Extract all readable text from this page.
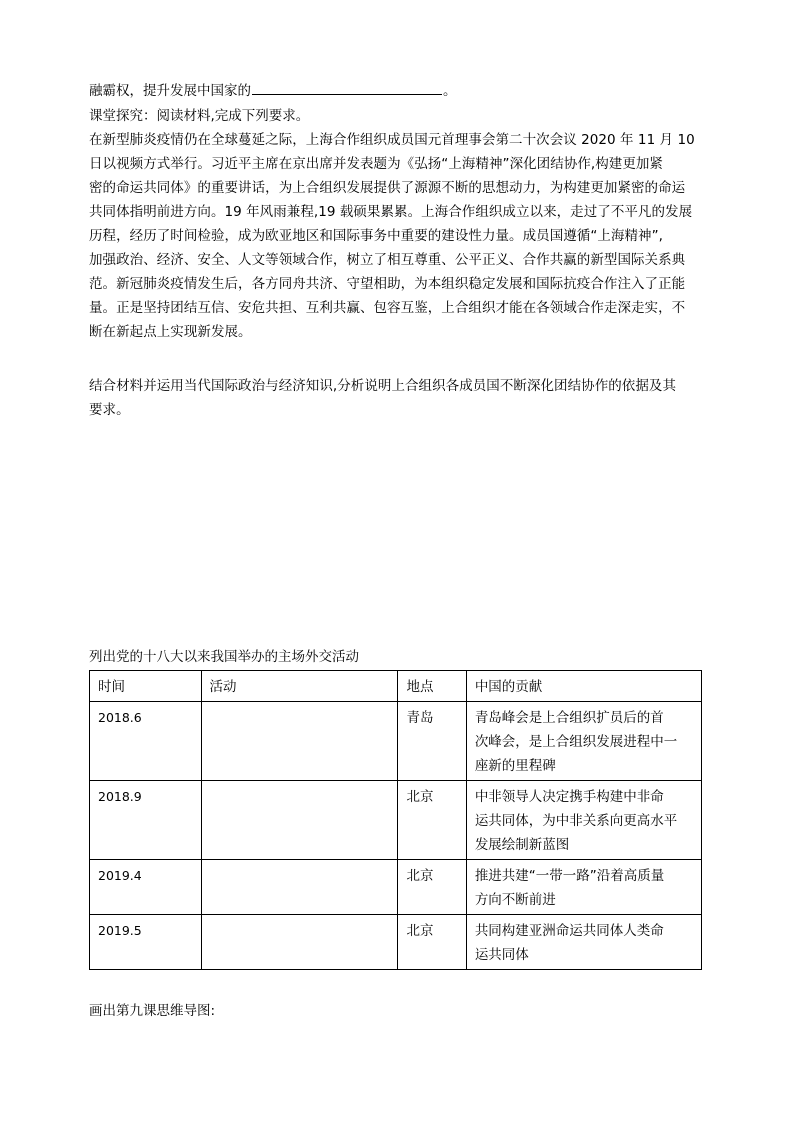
融霸权，提升发展中国家的	。
课堂探究：阅读材料,完成下列要求。
在新型肺炎疫情仍在全球蔓延之际，上海合作组织成员国元首理事会第二十次会议 2020 年 11 月 10
日以视频方式举行。习近平主席在京出席并发表题为《弘扬“上海精神”深化团结协作,构建更加紧
密的命运共同体》的重要讲话，为上合组织发展提供了源源不断的思想动力，为构建更加紧密的命运
共同体指明前进方向。19 年风雨兼程,19 载硕果累累。上海合作组织成立以来，走过了不平凡的发展
历程，经历了时间检验，成为欧亚地区和国际事务中重要的建设性力量。成员国遵循“上海精神”,
加强政治、经济、安全、人文等领域合作，树立了相互尊重、公平正义、合作共赢的新型国际关系典
范。新冠肺炎疫情发生后，各方同舟共济、守望相助，为本组织稳定发展和国际抗疫合作注入了正能
量。正是坚持团结互信、安危共担、互利共赢、包容互鉴，上合组织才能在各领域合作走深走实，不
断在新起点上实现新发展。
结合材料并运用当代国际政治与经济知识,分析说明上合组织各成员国不断深化团结协作的依据及其
要求。
列出党的十八大以来我国举办的主场外交活动
时间	活动	地点	中国的贡献
2018.6		青岛	青岛峰会是上合组织扩员后的首
次峰会，是上合组织发展进程中一
座新的里程碑

2018.9		北京	中非领导人决定携手构建中非命
运共同体，为中非关系向更高水平
发展绘制新蓝图

2019.4		北京	推进共建“一带一路”沿着高质量
方向不断前进

2019.5		北京	共同构建亚洲命运共同体人类命
运共同体
画出第九课思维导图:
